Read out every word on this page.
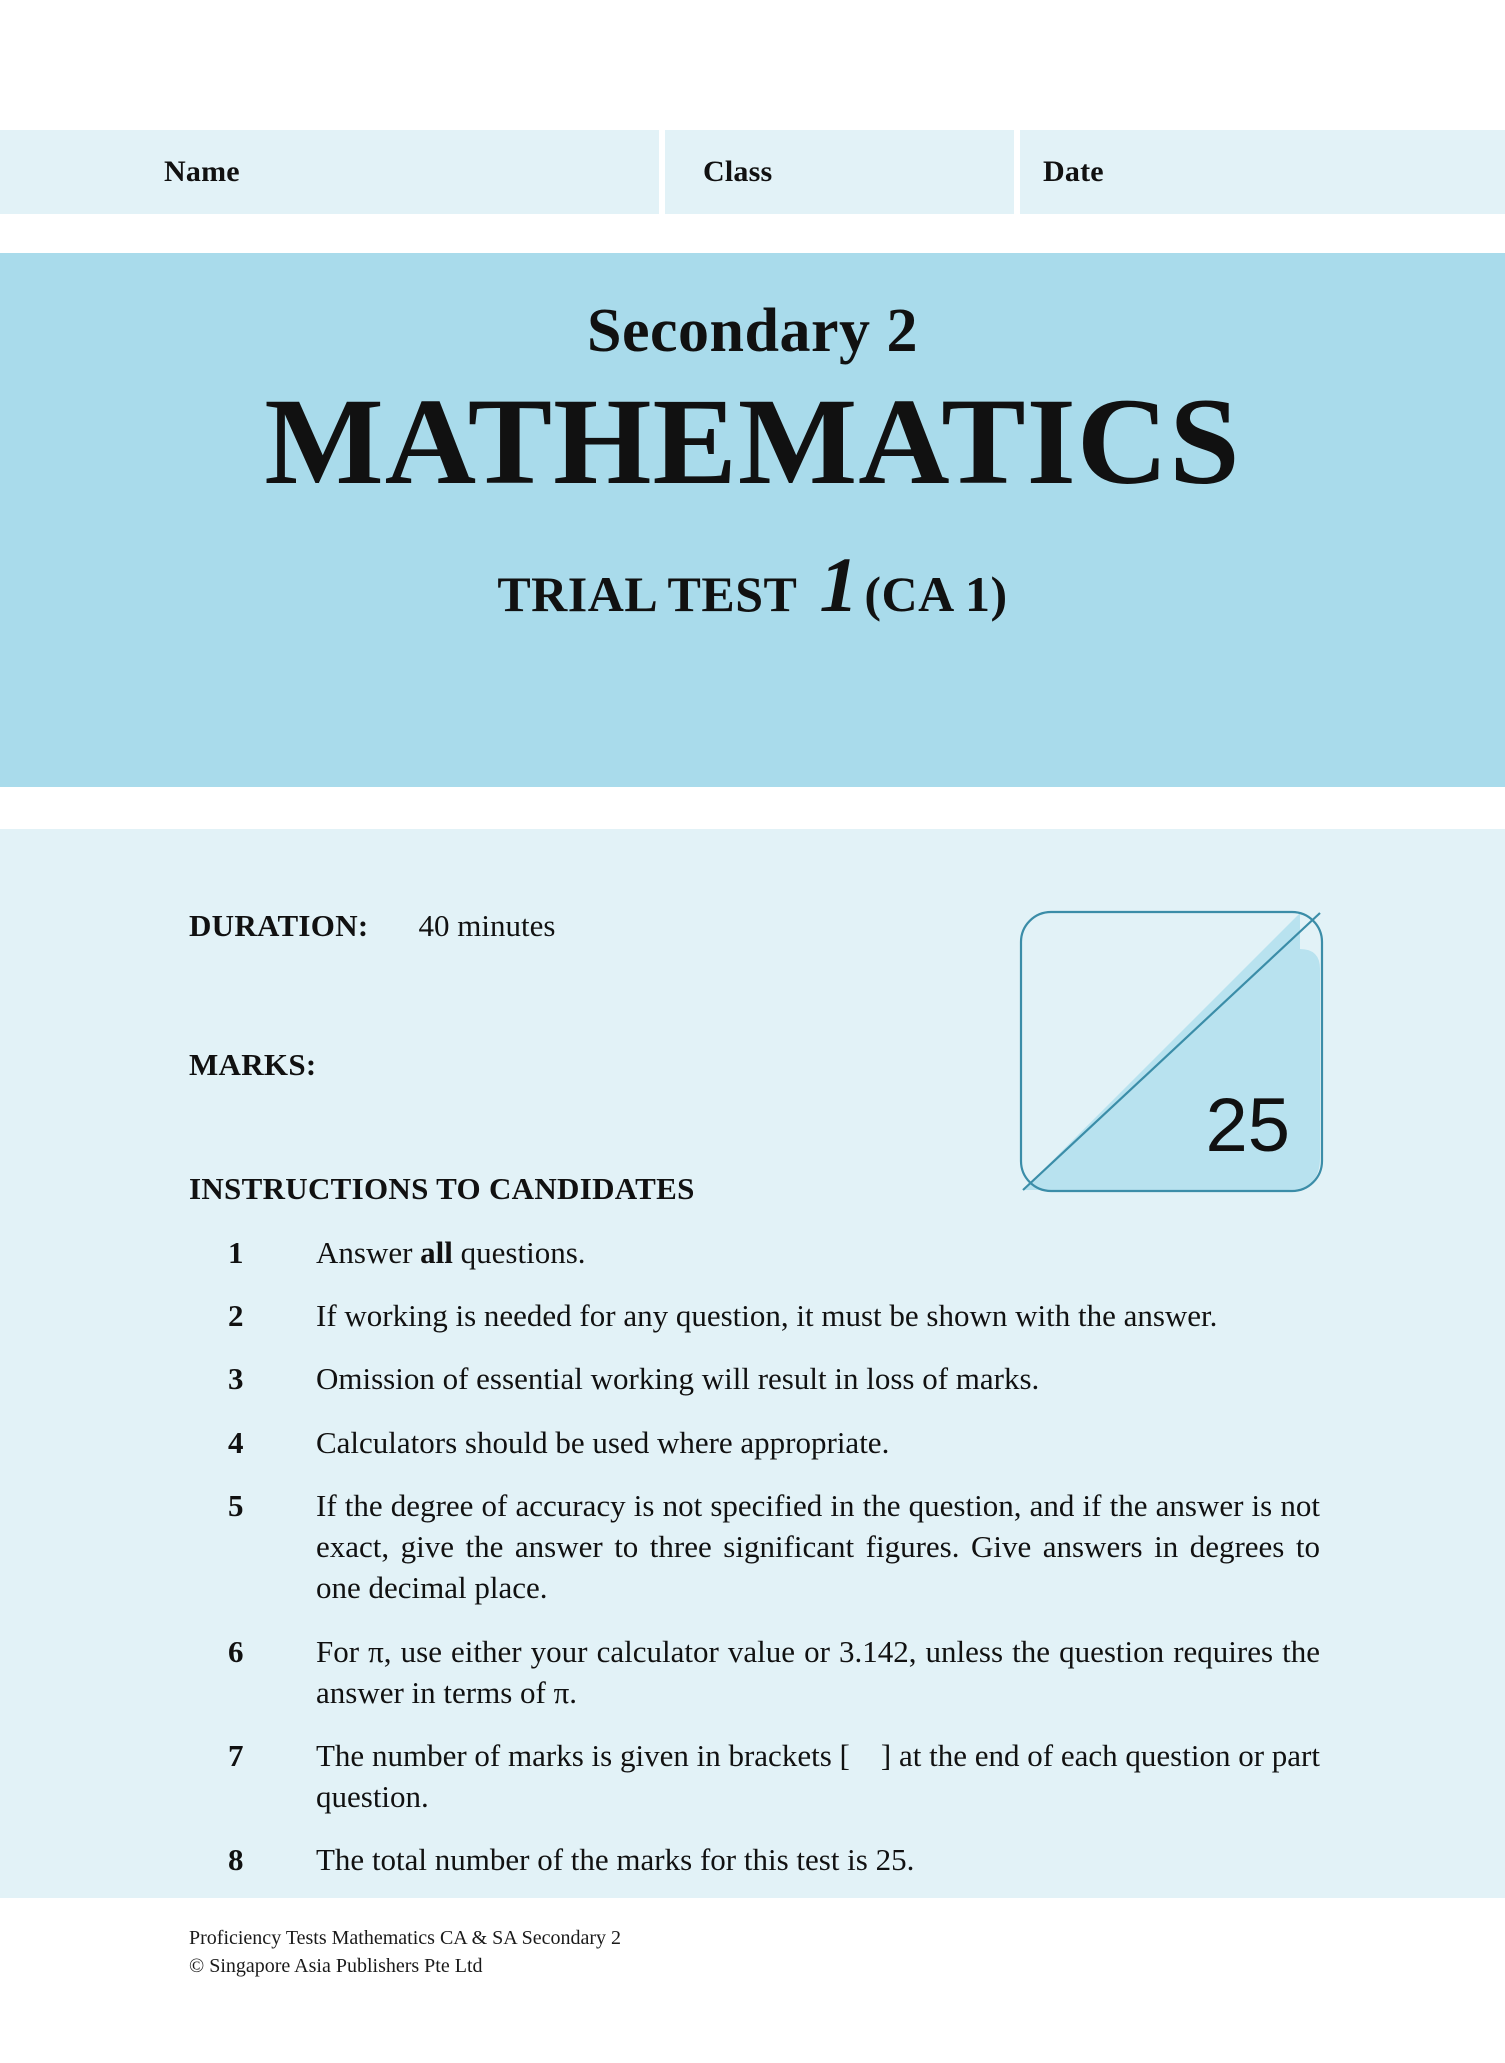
Name	Class	Date
Secondary 2
MATHEMATICS
TRIAL TEST 1 (CA 1)
DURATION: 40 minutes
MARKS:
25
INSTRUCTIONS TO CANDIDATES
1	Answer all questions.
2	If working is needed for any question, it must be shown with the answer.
3	Omission of essential working will result in loss of marks.
4	Calculators should be used where appropriate.
5	If the degree of accuracy is not specified in the question, and if the answer is not exact, give the answer to three significant figures. Give answers in degrees to one decimal place.
6	For π, use either your calculator value or 3.142, unless the question requires the answer in terms of π.
7	The number of marks is given in brackets [    ] at the end of each question or part question.
8	The total number of the marks for this test is 25.
Proficiency Tests Mathematics CA & SA Secondary 2
© Singapore Asia Publishers Pte Ltd
